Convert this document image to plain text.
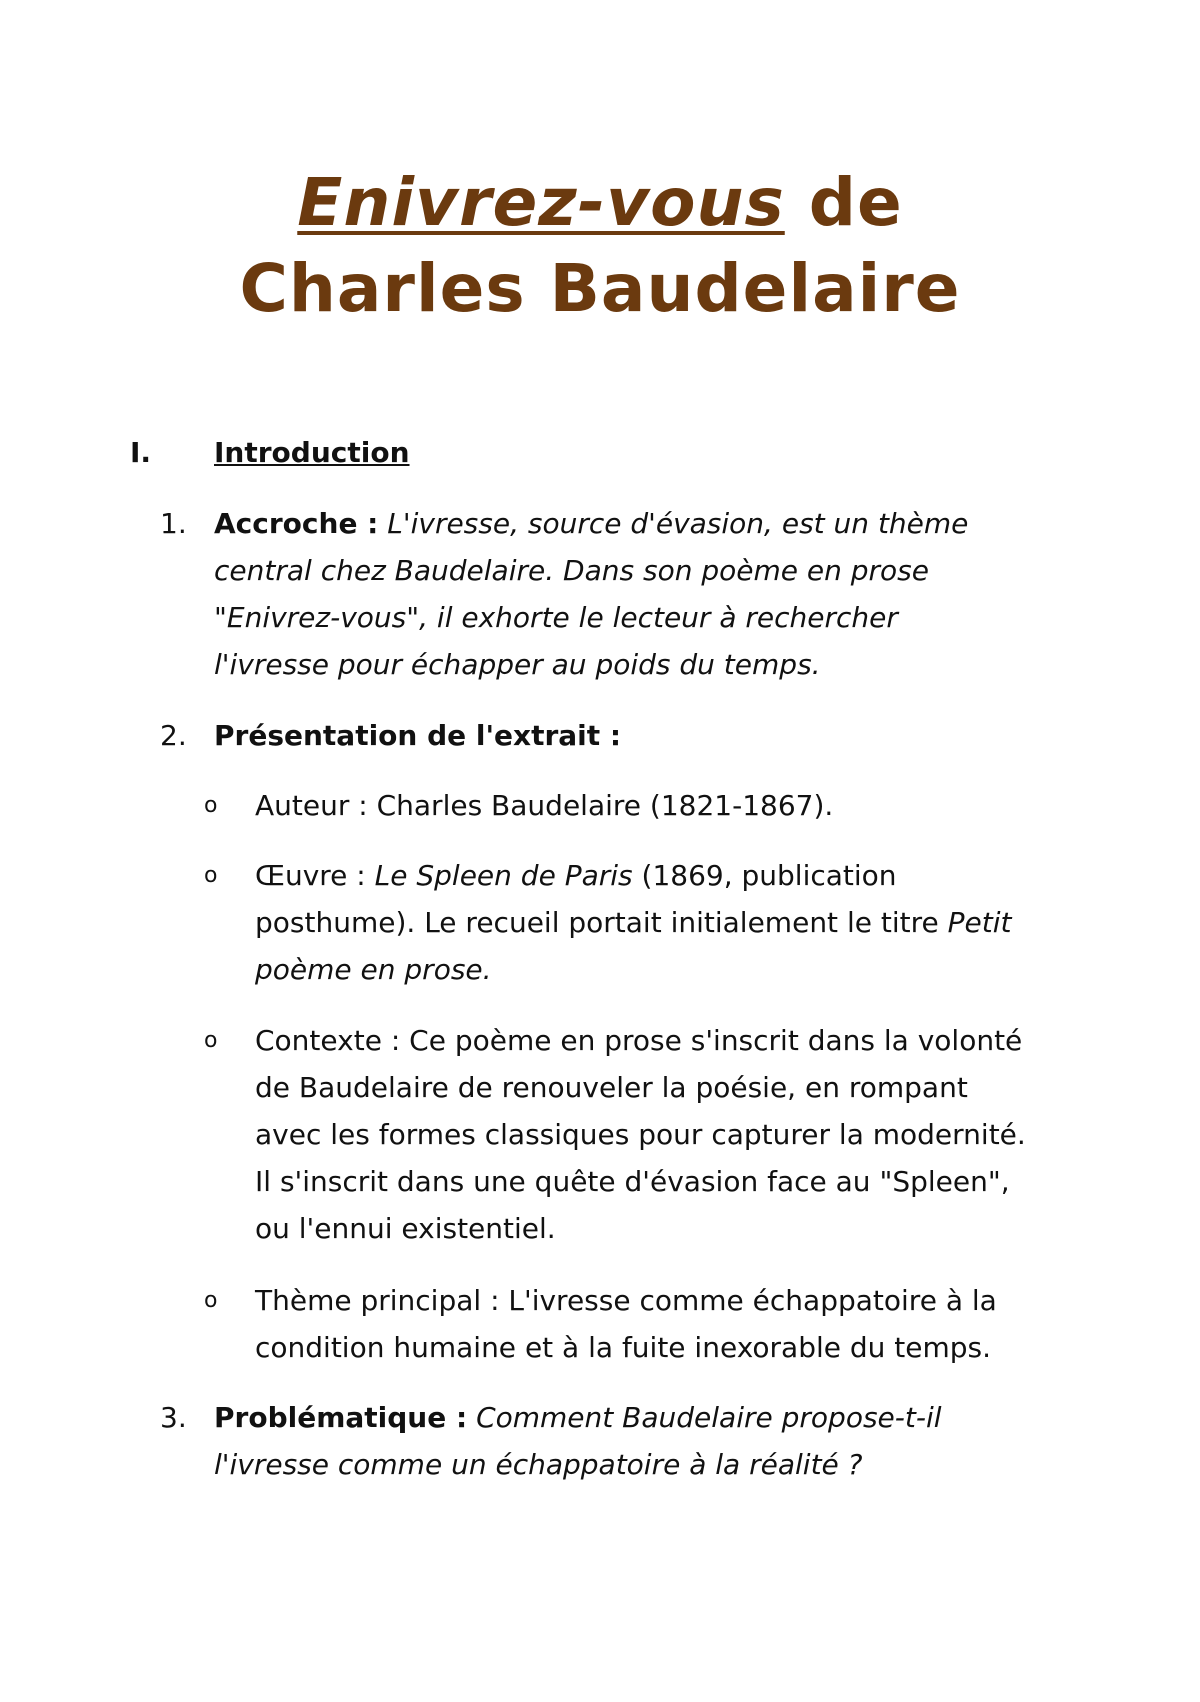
Enivrez-vous de
Charles Baudelaire
I. Introduction
1. Accroche : L'ivresse, source d'évasion, est un thème central chez Baudelaire. Dans son poème en prose "Enivrez-vous", il exhorte le lecteur à rechercher l'ivresse pour échapper au poids du temps.
2. Présentation de l'extrait :
o Auteur : Charles Baudelaire (1821-1867).
o Œuvre : Le Spleen de Paris (1869, publication posthume). Le recueil portait initialement le titre Petit poème en prose.
o Contexte : Ce poème en prose s'inscrit dans la volonté de Baudelaire de renouveler la poésie, en rompant avec les formes classiques pour capturer la modernité. Il s'inscrit dans une quête d'évasion face au "Spleen", ou l'ennui existentiel.
o Thème principal : L'ivresse comme échappatoire à la condition humaine et à la fuite inexorable du temps.
3. Problématique : Comment Baudelaire propose-t-il l'ivresse comme un échappatoire à la réalité ?
